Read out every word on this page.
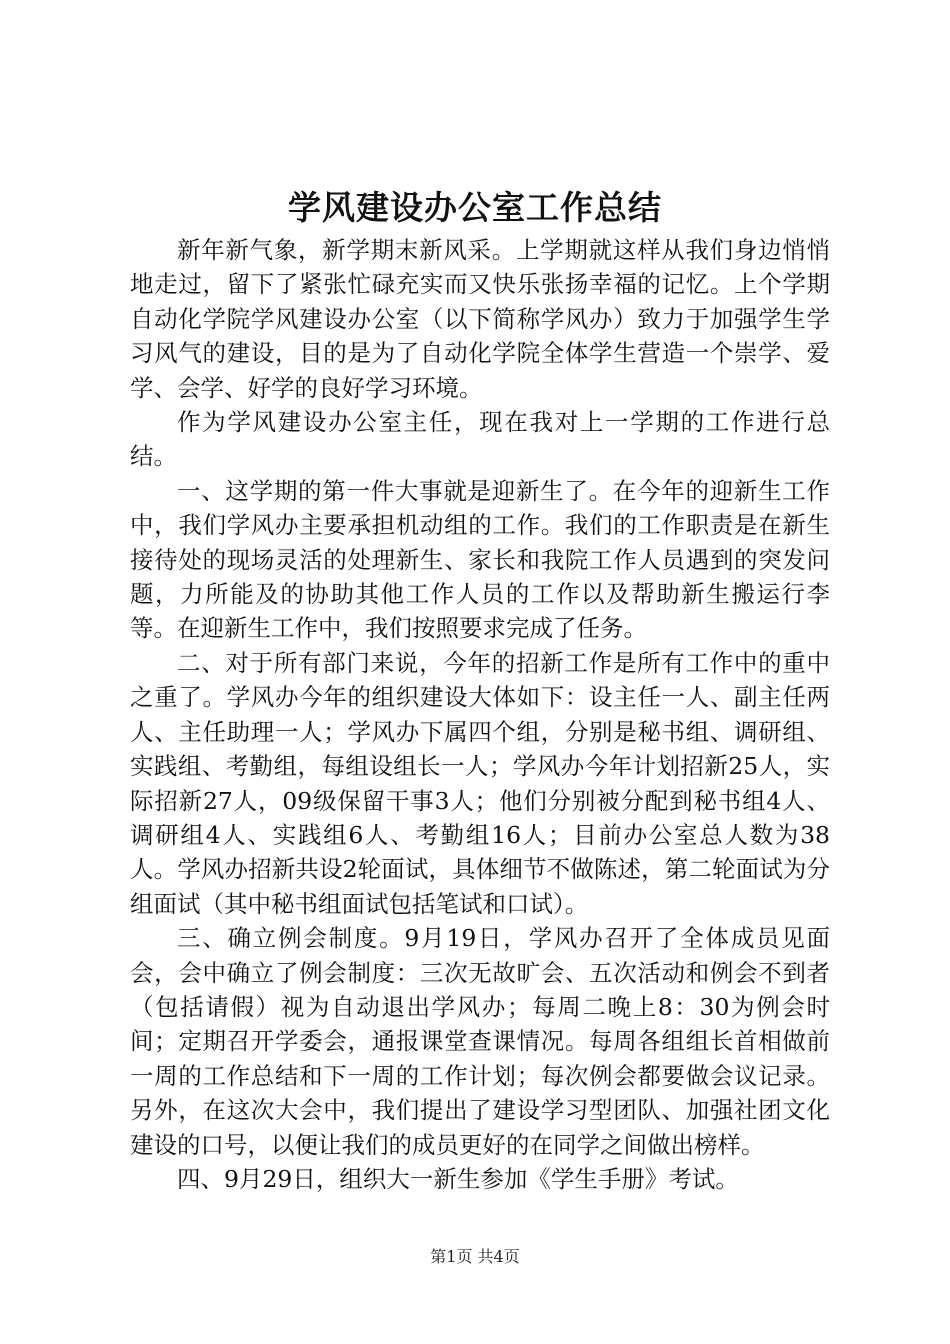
学风建设办公室工作总结

新年新气象，新学期末新风采。上学期就这样从我们身边悄悄地走过，留下了紧张忙碌充实而又快乐张扬幸福的记忆。上个学期自动化学院学风建设办公室（以下简称学风办）致力于加强学生学习风气的建设，目的是为了自动化学院全体学生营造一个崇学、爱学、会学、好学的良好学习环境。

作为学风建设办公室主任，现在我对上一学期的工作进行总结。

一、这学期的第一件大事就是迎新生了。在今年的迎新生工作中，我们学风办主要承担机动组的工作。我们的工作职责是在新生接待处的现场灵活的处理新生、家长和我院工作人员遇到的突发问题，力所能及的协助其他工作人员的工作以及帮助新生搬运行李等。在迎新生工作中，我们按照要求完成了任务。

二、对于所有部门来说，今年的招新工作是所有工作中的重中之重了。学风办今年的组织建设大体如下：设主任一人、副主任两人、主任助理一人；学风办下属四个组，分别是秘书组、调研组、实践组、考勤组，每组设组长一人；学风办今年计划招新25人，实际招新27人，09级保留干事3人；他们分别被分配到秘书组4人、调研组4人、实践组6人、考勤组16人；目前办公室总人数为38人。学风办招新共设2轮面试，具体细节不做陈述，第二轮面试为分组面试（其中秘书组面试包括笔试和口试）。

三、确立例会制度。9月19日，学风办召开了全体成员见面会，会中确立了例会制度：三次无故旷会、五次活动和例会不到者（包括请假）视为自动退出学风办；每周二晚上8：30为例会时间；定期召开学委会，通报课堂查课情况。每周各组组长首相做前一周的工作总结和下一周的工作计划；每次例会都要做会议记录。另外，在这次大会中，我们提出了建设学习型团队、加强社团文化建设的口号，以便让我们的成员更好的在同学之间做出榜样。

四、9月29日，组织大一新生参加《学生手册》考试。

第1页 共4页
